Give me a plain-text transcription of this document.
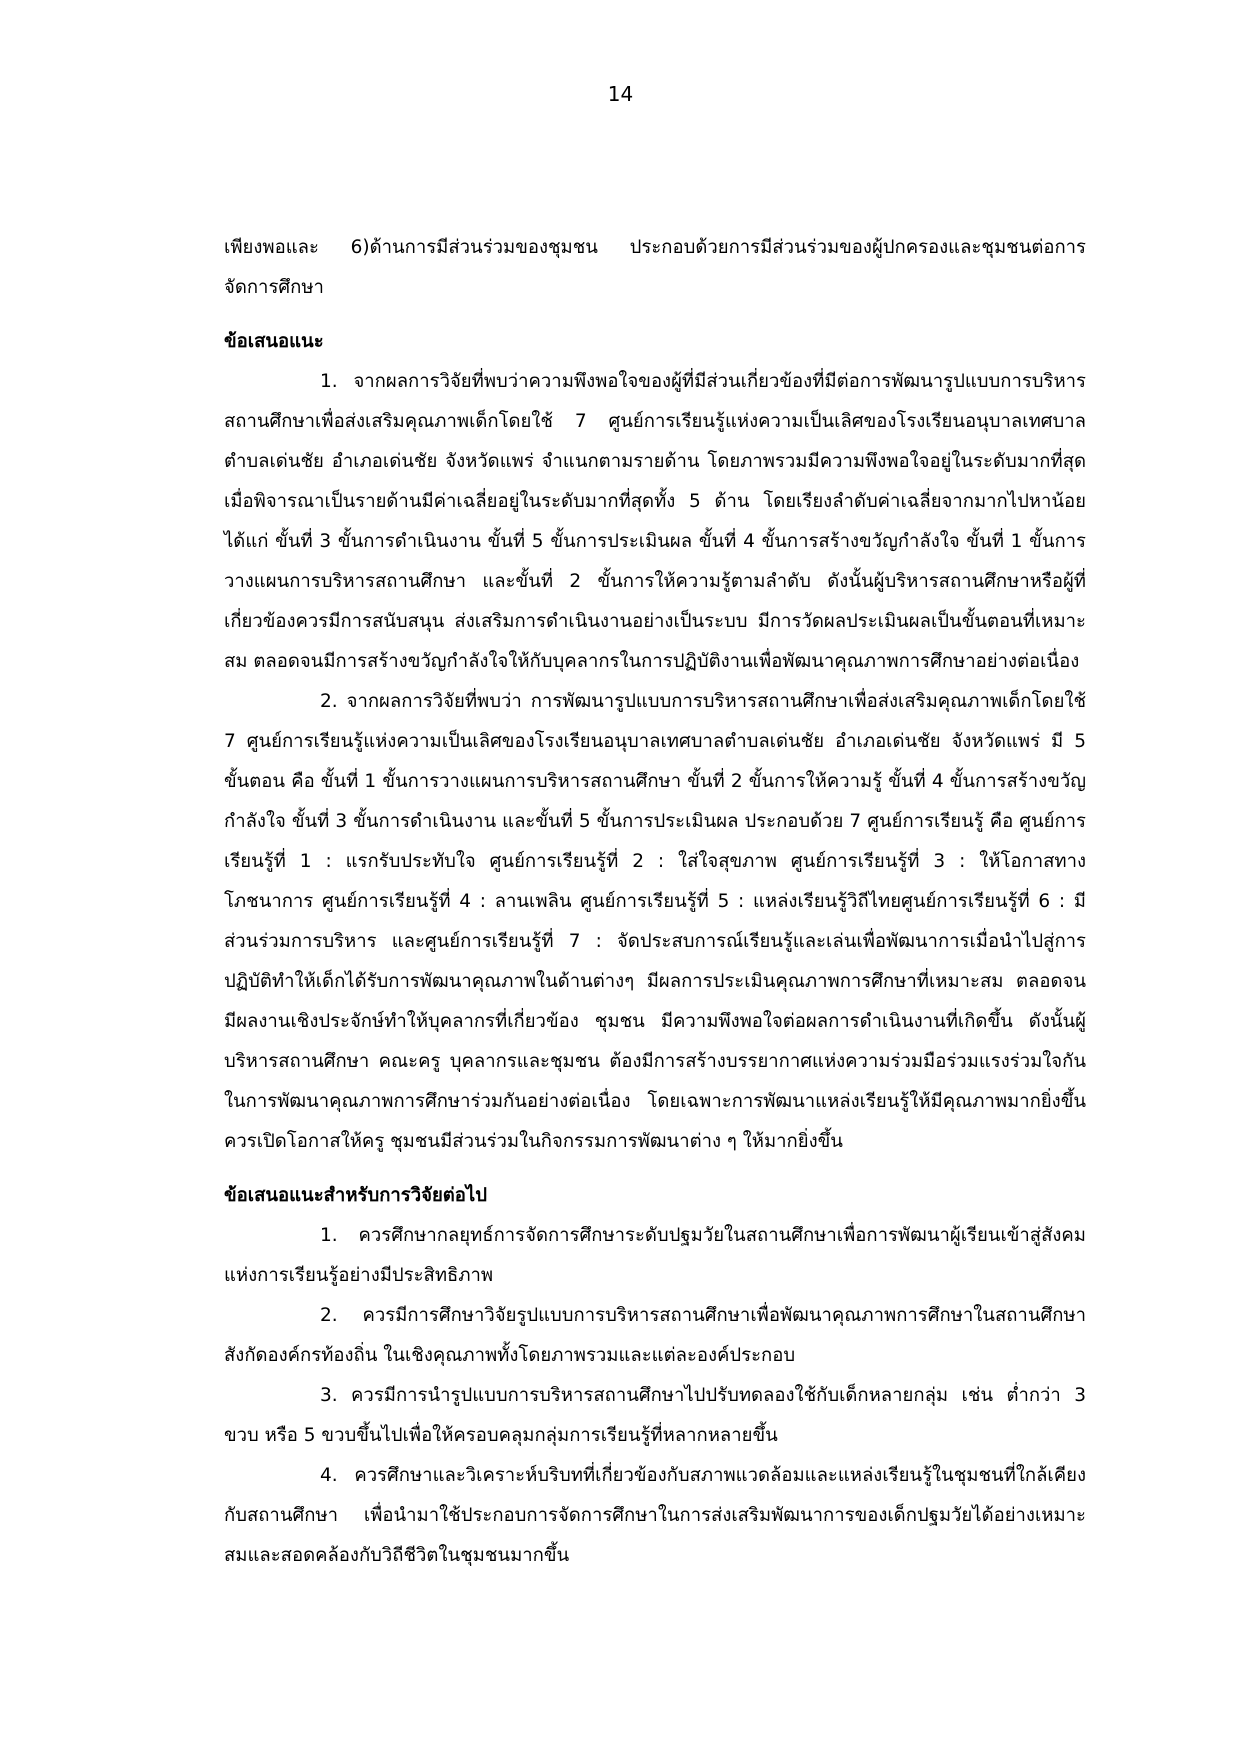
14

เพียงพอและ 6)ด้านการมีส่วนร่วมของชุมชน ประกอบด้วยการมีส่วนร่วมของผู้ปกครองและชุมชนต่อการจัดการศึกษา

ข้อเสนอแนะ

1. จากผลการวิจัยที่พบว่าความพึงพอใจของผู้ที่มีส่วนเกี่ยวข้องที่มีต่อการพัฒนารูปแบบการบริหารสถานศึกษาเพื่อส่งเสริมคุณภาพเด็กโดยใช้ 7 ศูนย์การเรียนรู้แห่งความเป็นเลิศของโรงเรียนอนุบาลเทศบาลตำบลเด่นชัย อำเภอเด่นชัย จังหวัดแพร่ จำแนกตามรายด้าน โดยภาพรวมมีความพึงพอใจอยู่ในระดับมากที่สุด เมื่อพิจารณาเป็นรายด้านมีค่าเฉลี่ยอยู่ในระดับมากที่สุดทั้ง 5 ด้าน โดยเรียงลำดับค่าเฉลี่ยจากมากไปหาน้อย ได้แก่ ขั้นที่ 3 ขั้นการดำเนินงาน ขั้นที่ 5 ขั้นการประเมินผล ขั้นที่ 4 ขั้นการสร้างขวัญกำลังใจ ขั้นที่ 1 ขั้นการวางแผนการบริหารสถานศึกษา และขั้นที่ 2 ขั้นการให้ความรู้ตามลำดับ ดังนั้นผู้บริหารสถานศึกษาหรือผู้ที่เกี่ยวข้องควรมีการสนับสนุน ส่งเสริมการดำเนินงานอย่างเป็นระบบ มีการวัดผลประเมินผลเป็นขั้นตอนที่เหมาะสม ตลอดจนมีการสร้างขวัญกำลังใจให้กับบุคลากรในการปฏิบัติงานเพื่อพัฒนาคุณภาพการศึกษาอย่างต่อเนื่อง

2. จากผลการวิจัยที่พบว่า การพัฒนารูปแบบการบริหารสถานศึกษาเพื่อส่งเสริมคุณภาพเด็กโดยใช้ 7 ศูนย์การเรียนรู้แห่งความเป็นเลิศของโรงเรียนอนุบาลเทศบาลตำบลเด่นชัย อำเภอเด่นชัย จังหวัดแพร่ มี 5 ขั้นตอน คือ ขั้นที่ 1 ขั้นการวางแผนการบริหารสถานศึกษา ขั้นที่ 2 ขั้นการให้ความรู้ ขั้นที่ 4 ขั้นการสร้างขวัญกำลังใจ ขั้นที่ 3 ขั้นการดำเนินงาน และขั้นที่ 5 ขั้นการประเมินผล ประกอบด้วย 7 ศูนย์การเรียนรู้ คือ ศูนย์การเรียนรู้ที่ 1 : แรกรับประทับใจ ศูนย์การเรียนรู้ที่ 2 : ใส่ใจสุขภาพ ศูนย์การเรียนรู้ที่ 3 : ให้โอกาสทางโภชนาการ ศูนย์การเรียนรู้ที่ 4 : ลานเพลิน ศูนย์การเรียนรู้ที่ 5 : แหล่งเรียนรู้วิถีไทยศูนย์การเรียนรู้ที่ 6 : มีส่วนร่วมการบริหาร และศูนย์การเรียนรู้ที่ 7 : จัดประสบการณ์เรียนรู้และเล่นเพื่อพัฒนาการเมื่อนำไปสู่การปฏิบัติทำให้เด็กได้รับการพัฒนาคุณภาพในด้านต่างๆ มีผลการประเมินคุณภาพการศึกษาที่เหมาะสม ตลอดจน มีผลงานเชิงประจักษ์ทำให้บุคลากรที่เกี่ยวข้อง ชุมชน มีความพึงพอใจต่อผลการดำเนินงานที่เกิดขึ้น ดังนั้นผู้บริหารสถานศึกษา คณะครู บุคลากรและชุมชน ต้องมีการสร้างบรรยากาศแห่งความร่วมมือร่วมแรงร่วมใจกันในการพัฒนาคุณภาพการศึกษาร่วมกันอย่างต่อเนื่อง โดยเฉพาะการพัฒนาแหล่งเรียนรู้ให้มีคุณภาพมากยิ่งขึ้นควรเปิดโอกาสให้ครู ชุมชนมีส่วนร่วมในกิจกรรมการพัฒนาต่าง ๆ ให้มากยิ่งขึ้น

ข้อเสนอแนะสำหรับการวิจัยต่อไป

1. ควรศึกษากลยุทธ์การจัดการศึกษาระดับปฐมวัยในสถานศึกษาเพื่อการพัฒนาผู้เรียนเข้าสู่สังคมแห่งการเรียนรู้อย่างมีประสิทธิภาพ

2. ควรมีการศึกษาวิจัยรูปแบบการบริหารสถานศึกษาเพื่อพัฒนาคุณภาพการศึกษาในสถานศึกษาสังกัดองค์กรท้องถิ่น ในเชิงคุณภาพทั้งโดยภาพรวมและแต่ละองค์ประกอบ

3. ควรมีการนำรูปแบบการบริหารสถานศึกษาไปปรับทดลองใช้กับเด็กหลายกลุ่ม เช่น ต่ำกว่า 3 ขวบ หรือ 5 ขวบขึ้นไปเพื่อให้ครอบคลุมกลุ่มการเรียนรู้ที่หลากหลายขึ้น

4. ควรศึกษาและวิเคราะห์บริบทที่เกี่ยวข้องกับสภาพแวดล้อมและแหล่งเรียนรู้ในชุมชนที่ใกล้เคียงกับสถานศึกษา เพื่อนำมาใช้ประกอบการจัดการศึกษาในการส่งเสริมพัฒนาการของเด็กปฐมวัยได้อย่างเหมาะสมและสอดคล้องกับวิถีชีวิตในชุมชนมากขึ้น
